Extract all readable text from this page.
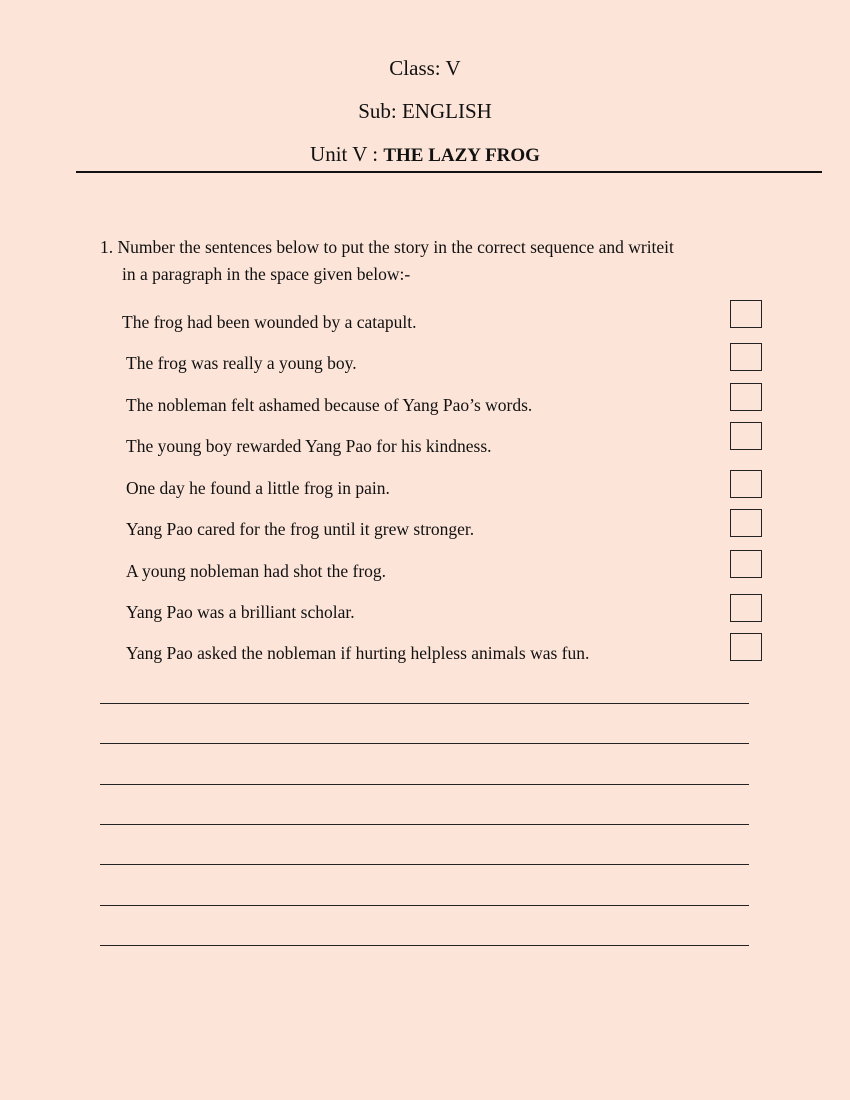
Class: V
Sub: ENGLISH
Unit V : THE LAZY FROG
1. Number the sentences below to put the story in the correct sequence and writeit
in a paragraph in the space given below:-
The frog had been wounded by a catapult.
The frog was really a young boy.
The nobleman felt ashamed because of Yang Pao’s words.
The young boy rewarded Yang Pao for his kindness.
One day he found a little frog in pain.
Yang Pao cared for the frog until it grew stronger.
A young nobleman had shot the frog.
Yang Pao was a brilliant scholar.
Yang Pao asked the nobleman if hurting helpless animals was fun.
